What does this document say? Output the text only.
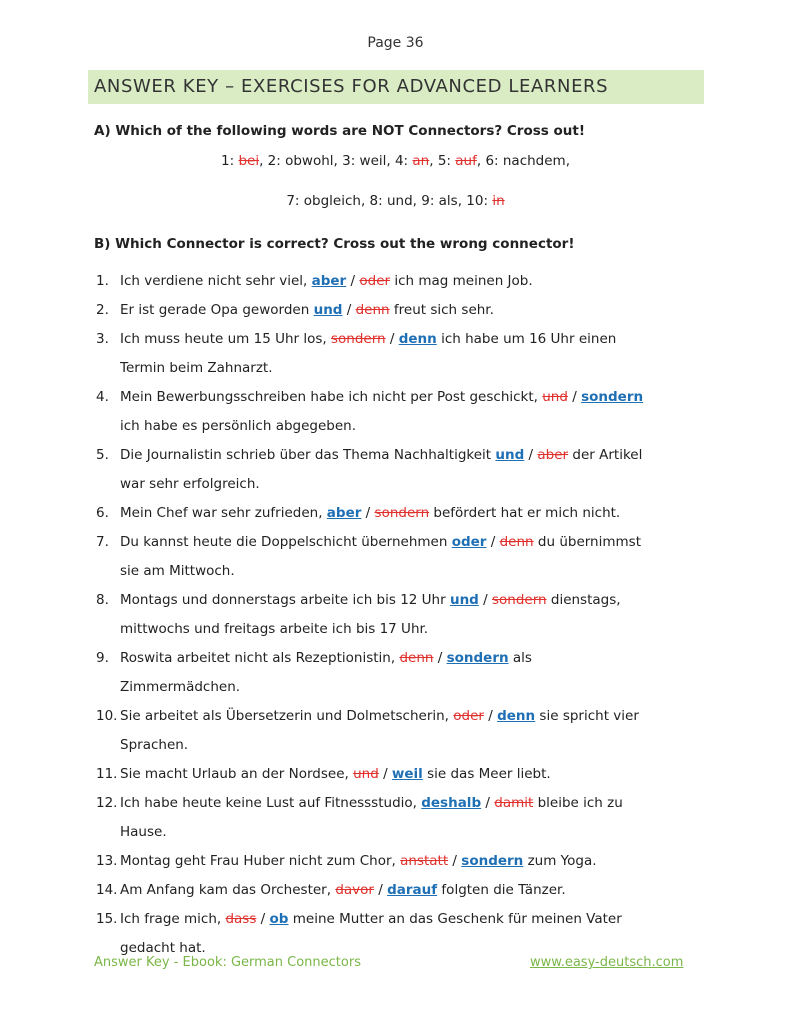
Page 36
ANSWER KEY – EXERCISES FOR ADVANCED LEARNERS
A) Which of the following words are NOT Connectors? Cross out!
1: bei, 2: obwohl, 3: weil, 4: an, 5: auf, 6: nachdem,
7: obgleich, 8: und, 9: als, 10: in
B) Which Connector is correct? Cross out the wrong connector!
1. Ich verdiene nicht sehr viel, aber / oder ich mag meinen Job.
2. Er ist gerade Opa geworden und / denn freut sich sehr.
3. Ich muss heute um 15 Uhr los, sondern / denn ich habe um 16 Uhr einen
Termin beim Zahnarzt.
4. Mein Bewerbungsschreiben habe ich nicht per Post geschickt, und / sondern
ich habe es persönlich abgegeben.
5. Die Journalistin schrieb über das Thema Nachhaltigkeit und / aber der Artikel
war sehr erfolgreich.
6. Mein Chef war sehr zufrieden, aber / sondern befördert hat er mich nicht.
7. Du kannst heute die Doppelschicht übernehmen oder / denn du übernimmst
sie am Mittwoch.
8. Montags und donnerstags arbeite ich bis 12 Uhr und / sondern dienstags,
mittwochs und freitags arbeite ich bis 17 Uhr.
9. Roswita arbeitet nicht als Rezeptionistin, denn / sondern als
Zimmermädchen.
10. Sie arbeitet als Übersetzerin und Dolmetscherin, oder / denn sie spricht vier
Sprachen.
11. Sie macht Urlaub an der Nordsee, und / weil sie das Meer liebt.
12. Ich habe heute keine Lust auf Fitnessstudio, deshalb / damit bleibe ich zu
Hause.
13. Montag geht Frau Huber nicht zum Chor, anstatt / sondern zum Yoga.
14. Am Anfang kam das Orchester, davor / darauf folgten die Tänzer.
15. Ich frage mich, dass / ob meine Mutter an das Geschenk für meinen Vater
gedacht hat.
Answer Key - Ebook: German Connectors	www.easy-deutsch.com
